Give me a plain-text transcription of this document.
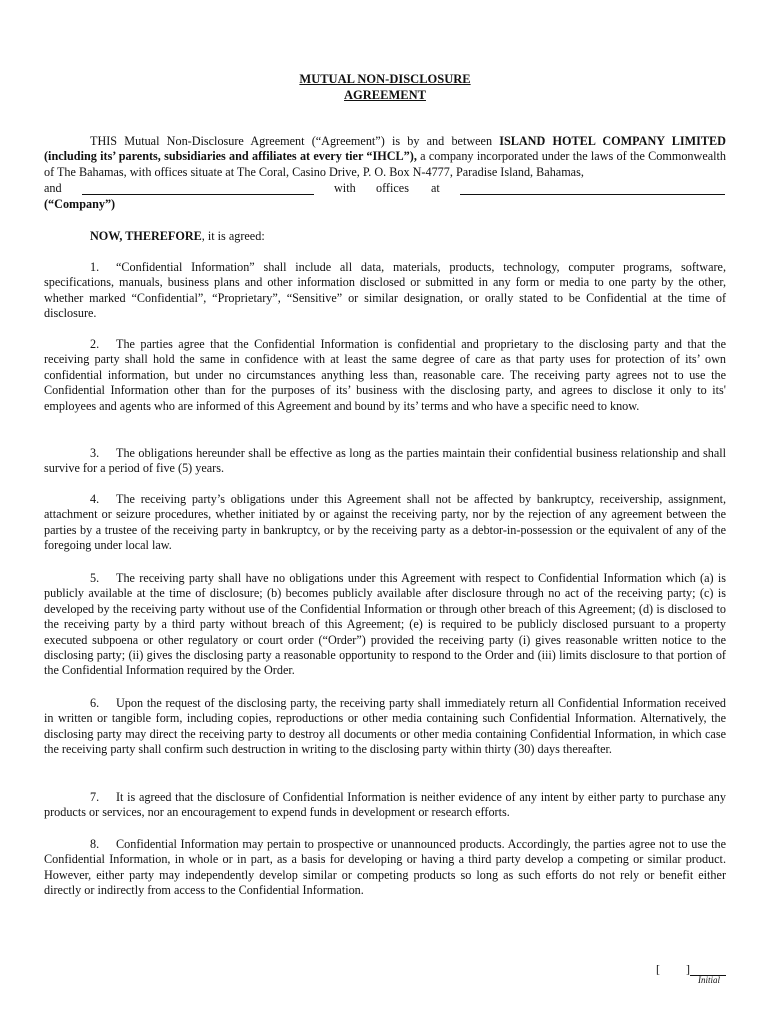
MUTUAL NON-DISCLOSURE
AGREEMENT

THIS Mutual Non-Disclosure Agreement (“Agreement”) is by and between ISLAND HOTEL COMPANY LIMITED (including its’ parents, subsidiaries and affiliates at every tier “IHCL”), a company incorporated under the laws of the Commonwealth of The Bahamas, with offices situate at The Coral, Casino Drive, P. O. Box N-4777, Paradise Island, Bahamas,

and	with offices at
(“Company”)

NOW, THEREFORE, it is agreed:

1. “Confidential Information” shall include all data, materials, products, technology, computer programs, software, specifications, manuals, business plans and other information disclosed or submitted in any form or media to one party by the other, whether marked “Confidential”, “Proprietary”, “Sensitive” or similar designation, or orally stated to be Confidential at the time of disclosure.

2. The parties agree that the Confidential Information is confidential and proprietary to the disclosing party and that the receiving party shall hold the same in confidence with at least the same degree of care as that party uses for protection of its’ own confidential information, but under no circumstances anything less than, reasonable care. The receiving party agrees not to use the Confidential Information other than for the purposes of its’ business with the disclosing party, and agrees to disclose it only to its' employees and agents who are informed of this Agreement and bound by its’ terms and who have a specific need to know.

3. The obligations hereunder shall be effective as long as the parties maintain their confidential business relationship and shall survive for a period of five (5) years.

4. The receiving party’s obligations under this Agreement shall not be affected by bankruptcy, receivership, assignment, attachment or seizure procedures, whether initiated by or against the receiving party, nor by the rejection of any agreement between the parties by a trustee of the receiving party in bankruptcy, or by the receiving party as a debtor-in-possession or the equivalent of any of the foregoing under local law.

5. The receiving party shall have no obligations under this Agreement with respect to Confidential Information which (a) is publicly available at the time of disclosure; (b) becomes publicly available after disclosure through no act of the receiving party; (c) is developed by the receiving party without use of the Confidential Information or through other breach of this Agreement; (d) is disclosed to the receiving party by a third party without breach of this Agreement; (e) is required to be publicly disclosed pursuant to a property executed subpoena or other regulatory or court order (“Order”) provided the receiving party (i) gives reasonable written notice to the disclosing party; (ii) gives the disclosing party a reasonable opportunity to respond to the Order and (iii) limits disclosure to that portion of the Confidential Information required by the Order.

6. Upon the request of the disclosing party, the receiving party shall immediately return all Confidential Information received in written or tangible form, including copies, reproductions or other media containing such Confidential Information. Alternatively, the disclosing party may direct the receiving party to destroy all documents or other media containing Confidential Information, in which case the receiving party shall confirm such destruction in writing to the disclosing party within thirty (30) days thereafter.

7. It is agreed that the disclosure of Confidential Information is neither evidence of any intent by either party to purchase any products or services, nor an encouragement to expend funds in development or research efforts.

8. Confidential Information may pertain to prospective or unannounced products. Accordingly, the parties agree not to use the Confidential Information, in whole or in part, as a basis for developing or having a third party develop a competing or similar product. However, either party may independently develop similar or competing products so long as such efforts do not rely or benefit either directly or indirectly from access to the Confidential Information.

[ ]
Initial
